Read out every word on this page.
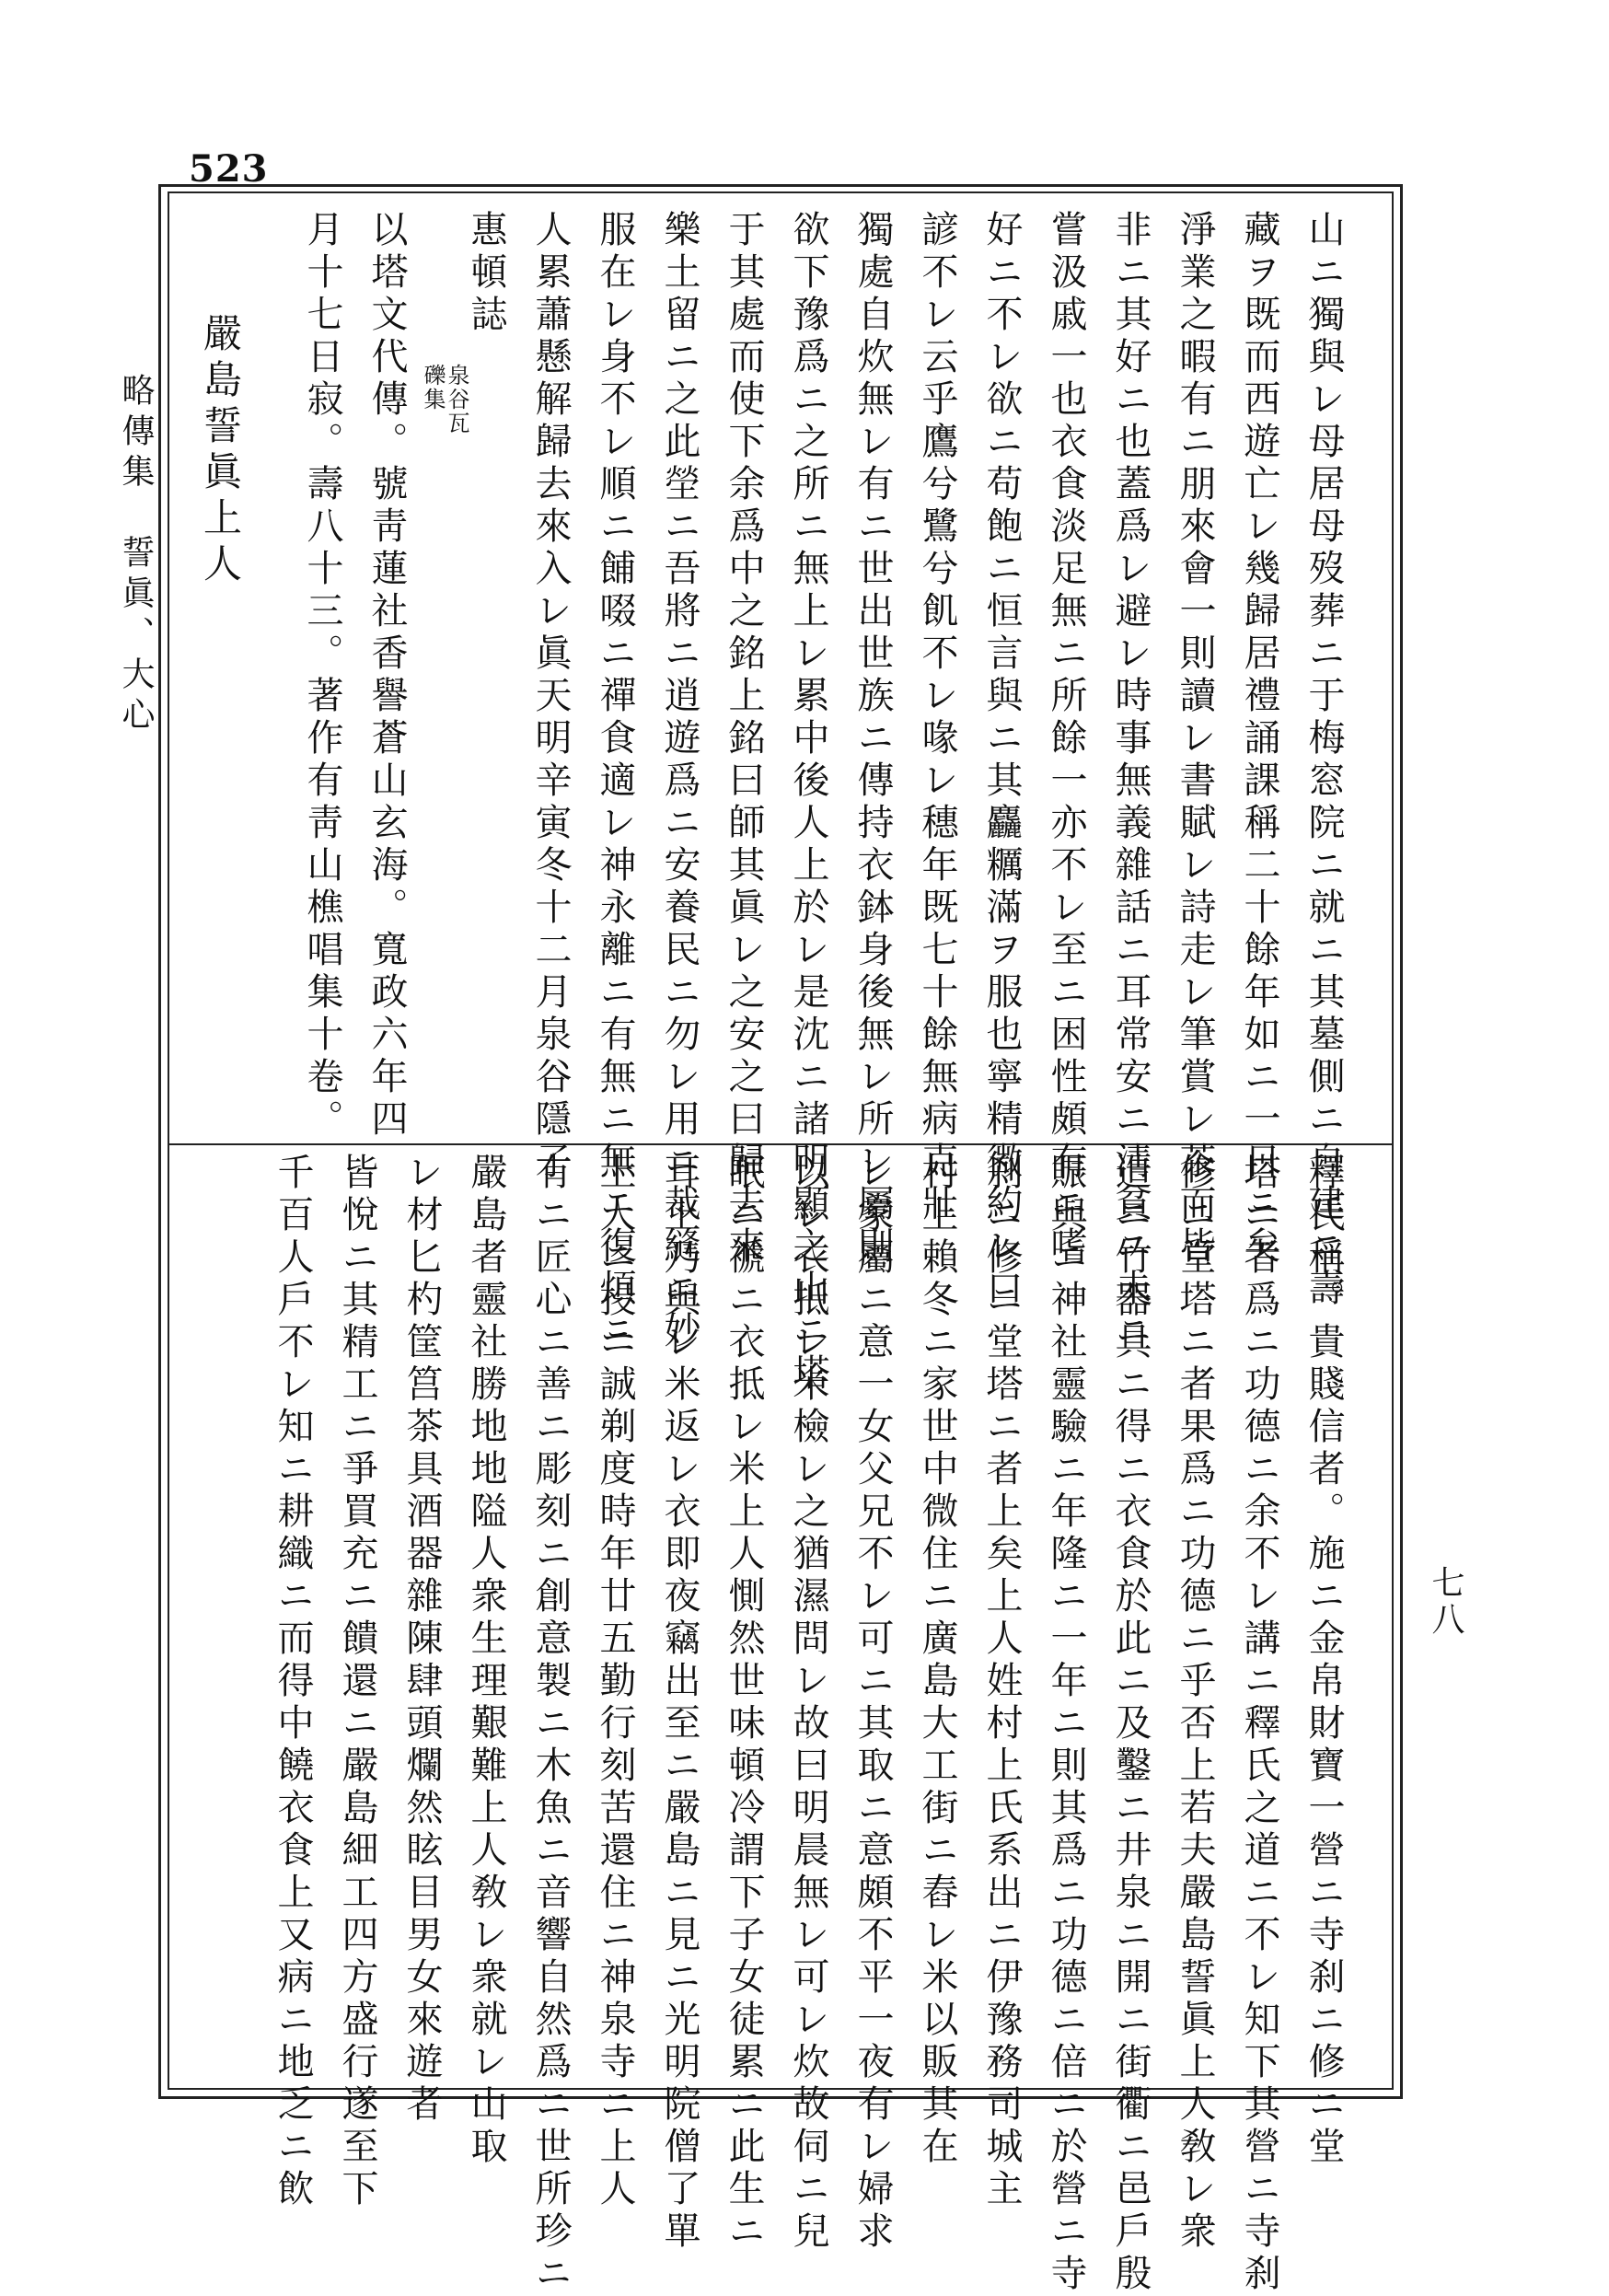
523
略傳集　誓眞、大心
七八
山ニ獨與レ母居母歿葬ニ于梅窓院ニ就ニ其墓側ニ自建ニ壽
藏ヲ既而西遊亡レ幾歸居禮誦課稱二十餘年如ニ一日ニ矣
淨業之暇有ニ朋來會一則讀レ書賦レ詩走レ筆賞レ茶而皆
非ニ其好ニ也蓋爲レ避レ時事無義雜話ニ耳常安ニ清貧ニ未ニ
嘗汲戚一也衣食淡足無ニ所餘一亦不レ至ニ困性頗有ニ嗜
好ニ不レ欲ニ苟飽ニ恒言與ニ其麤糲滿ヲ服也寧精微約レ口
諺不レ云乎鷹兮鷺兮飢不レ喙レ穗年既七十餘無病克壯
獨處自炊無レ有ニ世出世族ニ傳持衣鉢身後無レ所レ屬則
欲下豫爲ニ之所ニ無上レ累中後人上於レ是沈ニ諸明顯之山ニ塔
于其處而使下余爲中之銘上銘曰師其眞レ之安之曰歸去來
樂土留ニ之此塋ニ吾將ニ逍遊爲ニ安養民ニ勿レ用ニ裁縫ニ妙
服在レ身不レ順ニ餔啜ニ禪食適レ神永離ニ有無ニ無ニ復煩ニ
人累蕭懸解歸去來入レ眞天明辛寅冬十二月泉谷隱子
惠頓誌
泉谷瓦
礫集
以塔文代傳。號靑蓮社香譽蒼山玄海。寬政六年四
月十七日寂。壽八十三。著作有靑山樵唱集十卷。
嚴島誓眞上人
釋氏稱。貴賤信者。施ニ金帛財寶一營ニ寺刹ニ修ニ堂
塔ニ者爲ニ功德ニ余不レ講ニ釋氏之道ニ不レ知下其營ニ寺刹
修ニ堂塔ニ者果爲ニ功德ニ乎否上若夫嚴島誓眞上人敎レ衆
造ニ竹器具ニ得ニ衣食於此ニ及鑿ニ井泉ニ開ニ街衢ニ邑戶殷
賑與ニ神社靈驗ニ年隆ニ一年ニ則其爲ニ功德ニ倍ニ於營ニ寺
刹ニ修ニ堂塔ニ者上矣上人姓村上氏系出ニ伊豫務司城主
村上賴冬ニ家世中微住ニ廣島大工街ニ舂レ米以販其在
レ家屬ニ意一女父兄不レ可ニ其取ニ意頗不平一夜有レ婦求
以レ衣抵レ米檢レ之猶濕問レ故曰明晨無レ可レ炊故伺ニ兒
眠ニ褫ニ衣抵レ米上人惻然世味頓冷謂下子女徒累ニ此生ニ
耳上乃與レ米返レ衣即夜竊出至ニ嚴島ニ見ニ光明院僧了單
上人ニ投ニ誠剃度時年廿五勤行刻苦還住ニ神泉寺ニ上人
有ニ匠心ニ善ニ彫刻ニ創意製ニ木魚ニ音響自然爲ニ世所珍ニ
嚴島者靈社勝地地隘人衆生理艱難上人敎レ衆就レ山取
レ材匕杓筐筥茶具酒器雜陳肆頭爛然眩目男女來遊者
皆悅ニ其精工ニ爭買充ニ饋還ニ嚴島細工四方盛行遂至下
千百人戶不レ知ニ耕織ニ而得中饒衣食上又病ニ地乏ニ飲
